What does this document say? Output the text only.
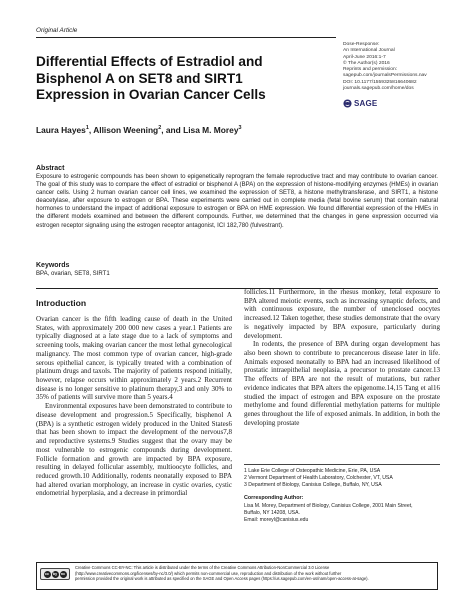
Original Article
Differential Effects of Estradiol and
Bisphenol A on SET8 and SIRT1
Expression in Ovarian Cancer Cells
Dose-Response:
An International Journal
April-June 2016:1-7
© The Author(s) 2016
Reprints and permission:
sagepub.com/journalsPermissions.nav
DOI: 10.1177/1559325816640682
journals.sagepub.com/home/dos
SAGE
Laura Hayes$^1$, Allison Weening$^2$, and Lisa M. Morey$^3$
Abstract
Exposure to estrogenic compounds has been shown to epigenetically reprogram the female reproductive tract and may contribute to ovarian cancer. The goal of this study was to compare the effect of estradiol or bisphenol A (BPA) on the expression of histone-modifying enzymes (HMEs) in ovarian cancer cells. Using 2 human ovarian cancer cell lines, we examined the expression of SET8, a histone methyltransferase, and SIRT1, a histone deacetylase, after exposure to estrogen or BPA. These experiments were carried out in complete media (fetal bovine serum) that contain natural hormones to understand the impact of additional exposure to estrogen or BPA on HME expression. We found differential expression of the HMEs in the different models examined and between the different compounds. Further, we determined that the changes in gene expression occurred via estrogen receptor signaling using the estrogen receptor antagonist, ICI 182,780 (fulvestrant).
Keywords
BPA, ovarian, SET8, SIRT1
Introduction

Ovarian cancer is the fifth leading cause of death in the United States, with approximately 200 000 new cases a year.1 Patients are typically diagnosed at a late stage due to a lack of symptoms and screening tools, making ovarian cancer the most lethal gynecological malignancy. The most common type of ovarian cancer, high-grade serous epithelial cancer, is typically treated with a combination of platinum drugs and taxols. The majority of patients respond initially, however, relapse occurs within approximately 2 years.2 Recurrent disease is no longer sensitive to platinum therapy,3 and only 30% to 35% of patients will survive more than 5 years.4

Environmental exposures have been demonstrated to contribute to disease development and progression.5 Specifically, bisphenol A (BPA) is a synthetic estrogen widely produced in the United States6 that has been shown to impact the development of the nervous7,8 and reproductive systems.9 Studies suggest that the ovary may be most vulnerable to estrogenic compounds during development. Follicle formation and growth are impacted by BPA exposure, resulting in delayed follicular assembly, multioocyte follicles, and reduced growth.10 Additionally, rodents neonatally exposed to BPA had altered ovarian morphology, an increase in cystic ovaries, cystic endometrial hyperplasia, and a decrease in primordial

follicles.11 Furthermore, in the rhesus monkey, fetal exposure to BPA altered meiotic events, such as increasing synaptic defects, and with continuous exposure, the number of unenclosed oocytes increased.12 Taken together, these studies demonstrate that the ovary is negatively impacted by BPA exposure, particularly during development.

In rodents, the presence of BPA during organ development has also been shown to contribute to precancerous disease later in life. Animals exposed neonatally to BPA had an increased likelihood of prostatic intraepithelial neoplasia, a precursor to prostate cancer.13 The effects of BPA are not the result of mutations, but rather evidence indicates that BPA alters the epigenome.14,15 Tang et al16 studied the impact of estrogen and BPA exposure on the prostate methylome and found differential methylation patterns for multiple genes throughout the life of exposed animals. In addition, in both the developing prostate

1 Lake Erie College of Osteopathic Medicine, Erie, PA, USA
2 Vermont Department of Health Laboratory, Colchester, VT, USA
3 Department of Biology, Canisius College, Buffalo, NY, USA
Corresponding Author:
Lisa M. Morey, Department of Biology, Canisius College, 2001 Main Street,
Buffalo, NY 14208, USA.
Email: moreyl@canisius.edu
cc	by	nc
Creative Commons CC-BY-NC: This article is distributed under the terms of the Creative Commons Attribution-NonCommercial 3.0 License
(http://www.creativecommons.org/licenses/by-nc/3.0/) which permits non-commercial use, reproduction and distribution of the work without further
permission provided the original work is attributed as specified on the SAGE and Open Access pages (https://us.sagepub.com/en-us/nam/open-access-at-sage).
